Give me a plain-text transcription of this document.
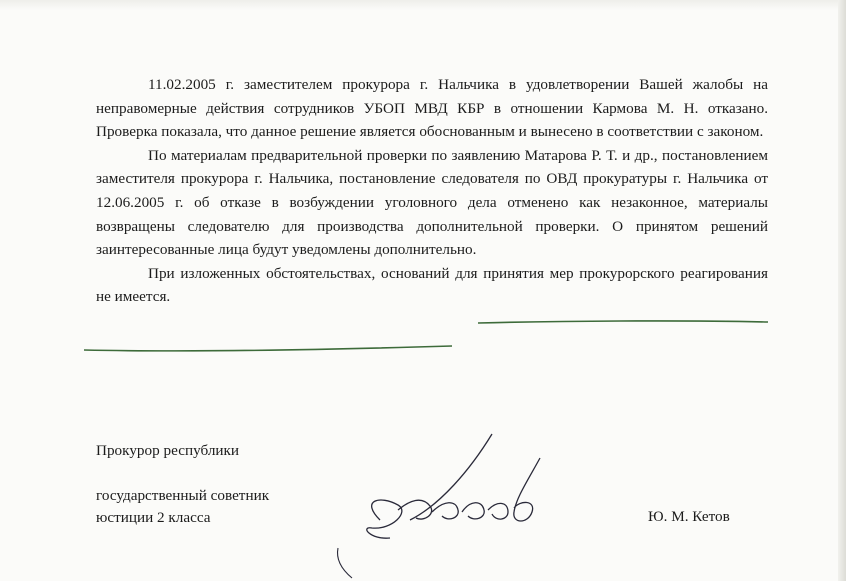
11.02.2005 г. заместителем прокурора г. Нальчика в удовлетворении Вашей жалобы на неправомерные действия сотрудников УБОП МВД КБР в отношении Кармова М. Н. отказано. Проверка показала, что данное решение является обоснованным и вынесено в соответствии с законом.

По материалам предварительной проверки по заявлению Матарова Р. Т. и др., постановлением заместителя прокурора г. Нальчика, постановление следователя по ОВД прокуратуры г. Нальчика от 12.06.2005 г. об отказе в возбуждении уголовного дела отменено как незаконное, материалы возвращены следователю для производства дополнительной проверки. О принятом решений заинтересованные лица будут уведомлены дополнительно.

При изложенных обстоятельствах, оснований для принятия мер прокурорского реагирования не имеется.

Прокурор республики
государственный советник
юстиции 2 класса	Ю. М. Кетов
